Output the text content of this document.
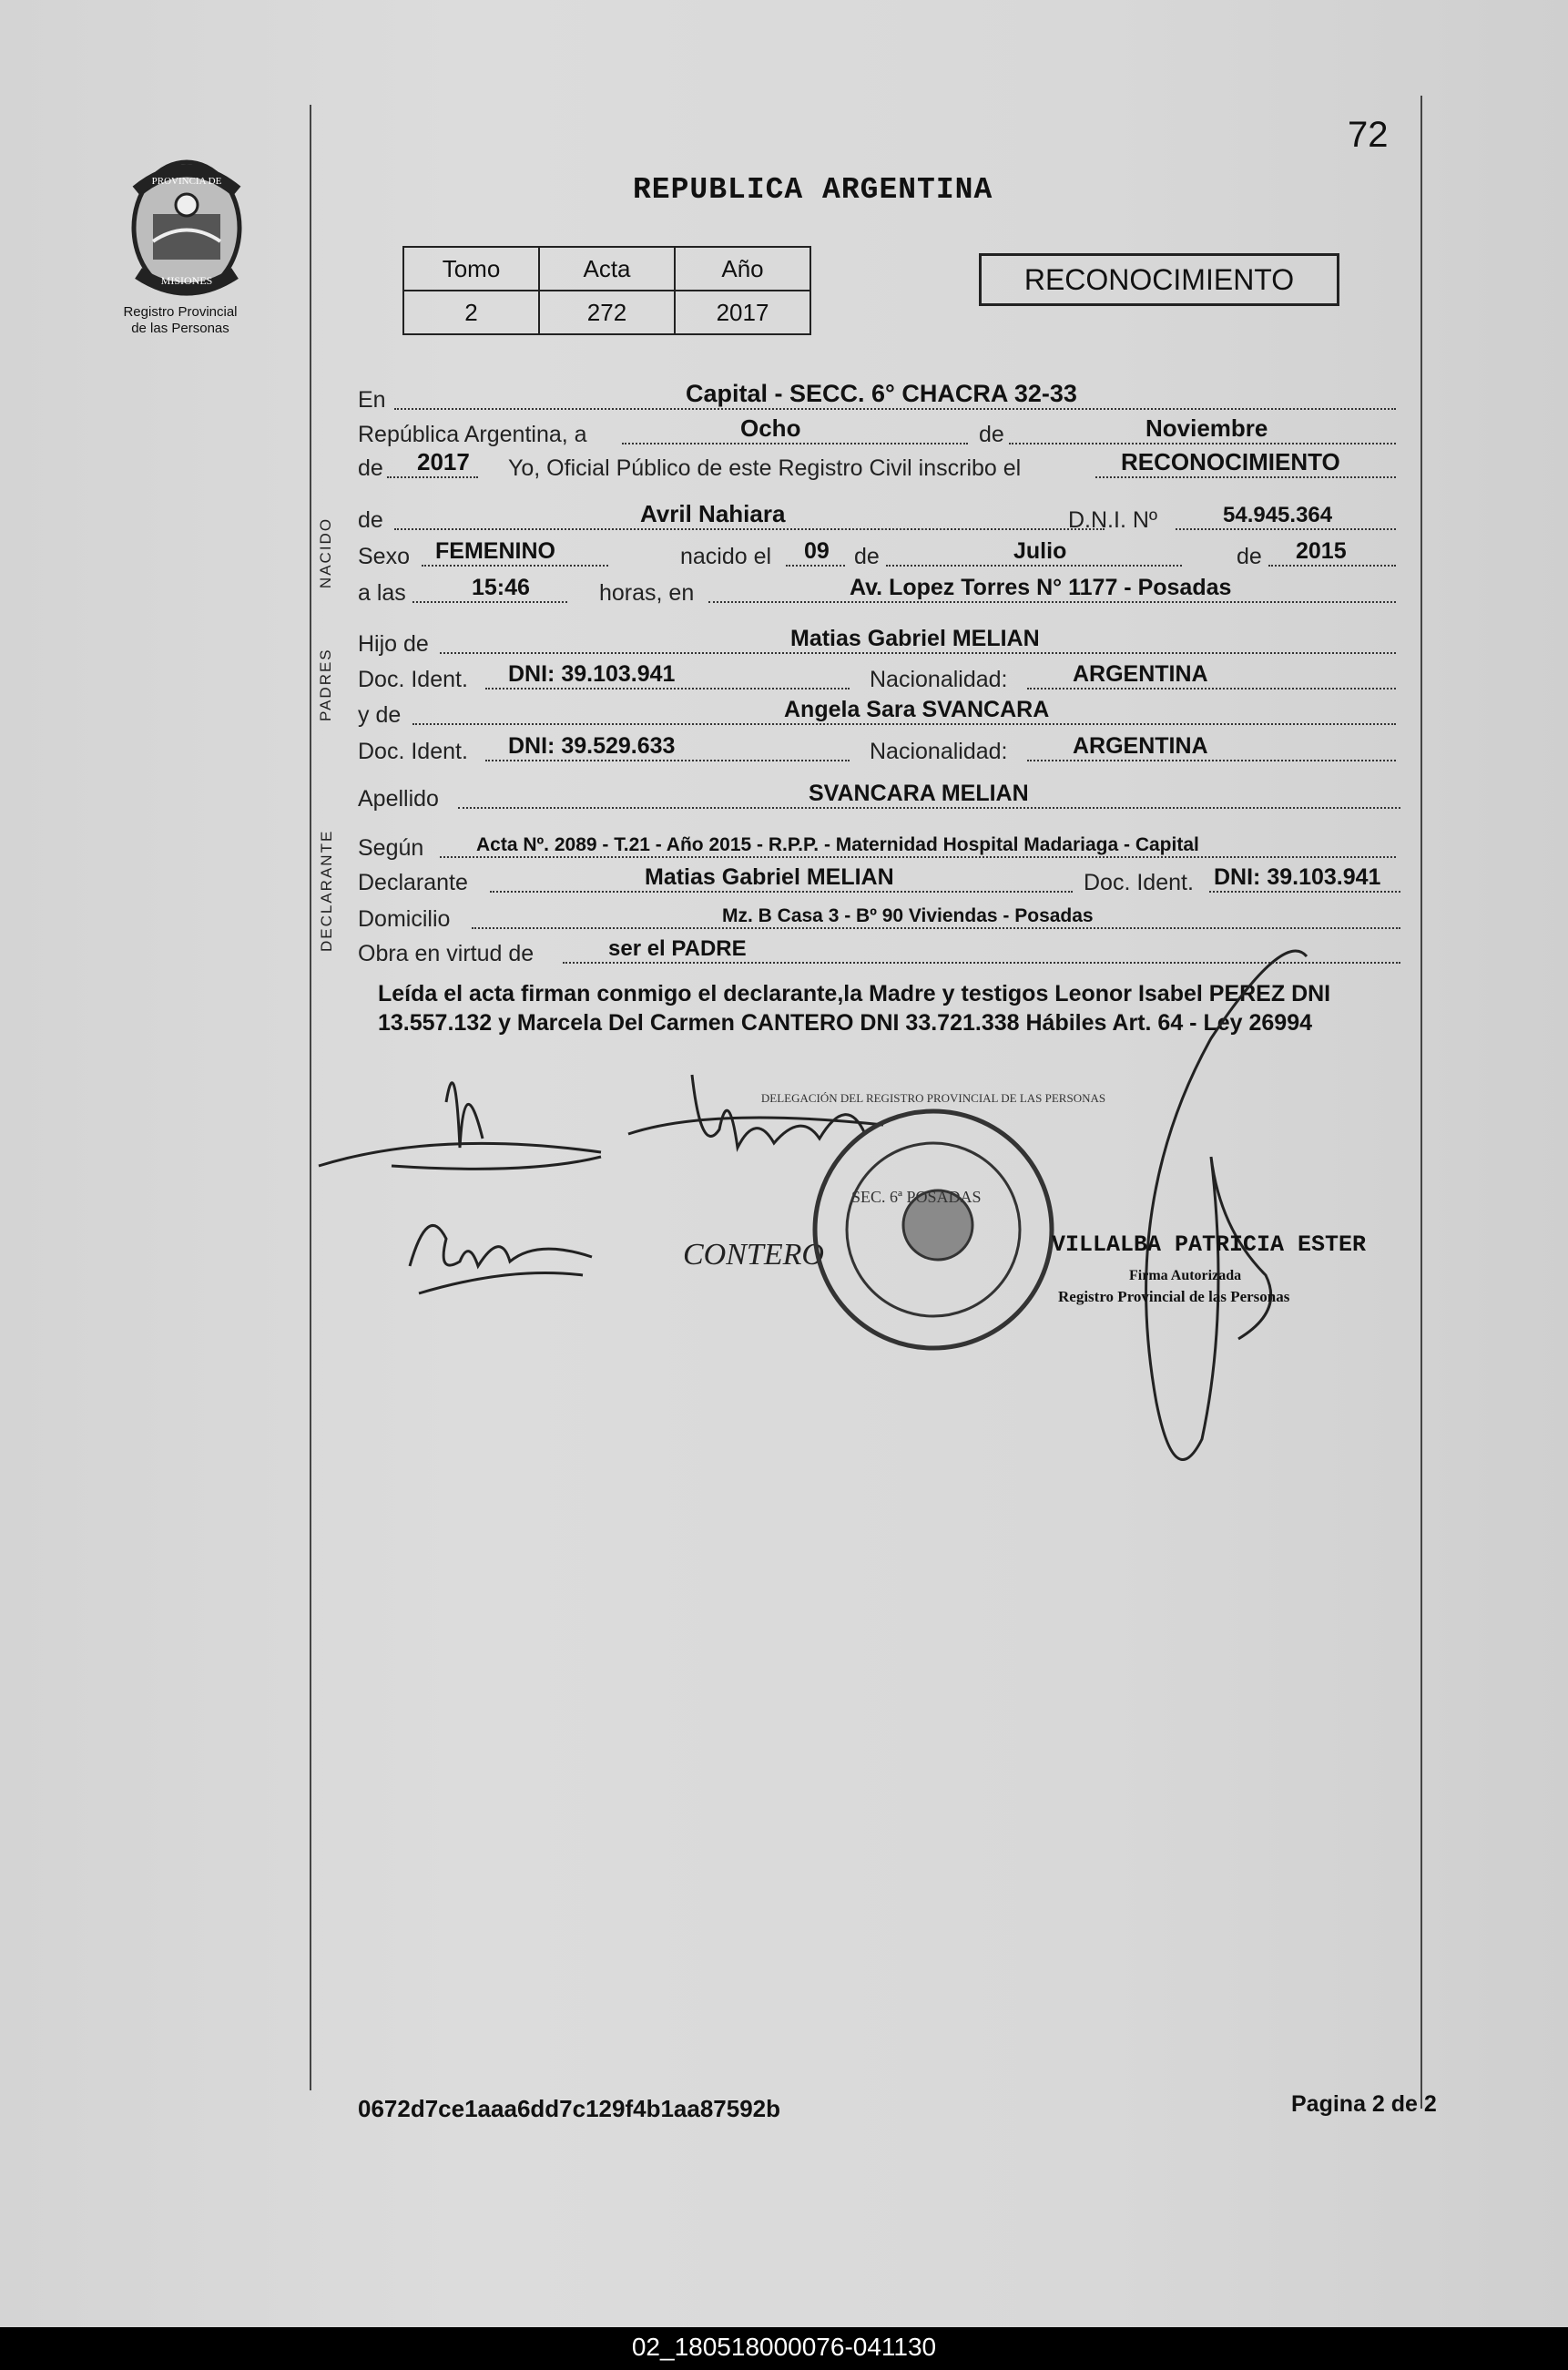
72
PROVINCIA DE
MISIONES
Registro Provincial
de las Personas
REPUBLICA ARGENTINA
Tomo	Acta	Año
2	272	2017
RECONOCIMIENTO
NACIDO
PADRES
DECLARANTE
En	Capital - SECC. 6° CHACRA 32-33
República Argentina, a	Ocho	de	Noviembre
de 2017 Yo, Oficial Público de este Registro Civil inscribo el	RECONOCIMIENTO
de	Avril Nahiara	D.N.I. Nº	54.945.364
Sexo FEMENINO	nacido el 09 de	Julio	de 2015
a las	15:46	horas, en	Av. Lopez Torres N° 1177 - Posadas
Hijo de	Matias Gabriel MELIAN
Doc. Ident. DNI: 39.103.941	Nacionalidad:	ARGENTINA
y de	Angela Sara SVANCARA
Doc. Ident. DNI: 39.529.633	Nacionalidad:	ARGENTINA
Apellido	SVANCARA MELIAN
Según	Acta Nº. 2089 - T.21 - Año 2015 - R.P.P. - Maternidad Hospital Madariaga - Capital
Declarante	Matias Gabriel MELIAN	Doc. Ident. DNI: 39.103.941
Domicilio	Mz. B Casa 3 - Bº 90 Viviendas - Posadas
Obra en virtud de	ser el PADRE
Leída el acta firman conmigo el declarante,la Madre y testigos Leonor Isabel PEREZ DNI 13.557.132 y Marcela Del Carmen CANTERO DNI 33.721.338 Hábiles Art. 64 - Ley 26994
CONTERO
SEC. 6ª POSADAS
DELEGACIÓN DEL REGISTRO PROVINCIAL DE LAS PERSONAS
VILLALBA PATRICIA ESTER
Firma Autorizada
Registro Provincial de las Personas
0672d7ce1aaa6dd7c129f4b1aa87592b	Pagina 2 de 2
02_180518000076-041130
